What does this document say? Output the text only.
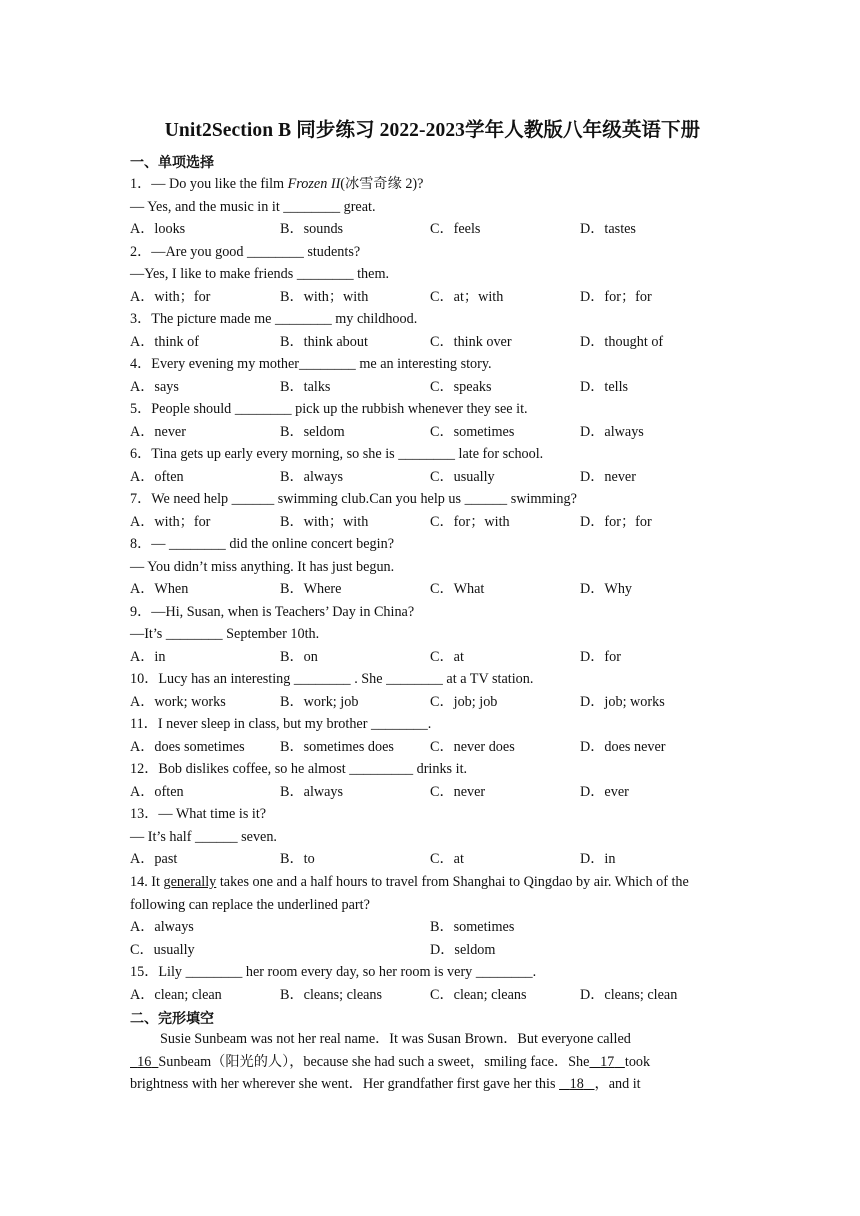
Unit2Section B 同步练习 2022-2023学年人教版八年级英语下册
一、单项选择
1．— Do you like the film Frozen II(冰雪奇缘 2)?
— Yes, and the music in it ________ great.
A．looks	B．sounds	C．feels	D．tastes
2．—Are you good ________ students?
—Yes, I like to make friends ________ them.
A．with；for	B．with；with	C．at；with	D．for；for
3．The picture made me ________ my childhood.
A．think of	B．think about	C．think over	D．thought of
4．Every evening my mother________ me an interesting story.
A．says	B．talks	C．speaks	D．tells
5．People should ________ pick up the rubbish whenever they see it.
A．never	B．seldom	C．sometimes	D．always
6．Tina gets up early every morning, so she is ________ late for school.
A．often	B．always	C．usually	D．never
7．We need help ______ swimming club.Can you help us ______ swimming?
A．with；for	B．with；with	C．for；with	D．for；for
8．— ________ did the online concert begin?
— You didn’t miss anything. It has just begun.
A．When	B．Where	C．What	D．Why
9．—Hi, Susan, when is Teachers’ Day in China?
—It’s ________ September 10th.
A．in	B．on	C．at	D．for
10．Lucy has an interesting ________ . She ________ at a TV station.
A．work; works	B．work; job	C．job; job	D．job; works
11．I never sleep in class, but my brother ________.
A．does sometimes B．sometimes does	C．never does	D．does never
12．Bob dislikes coffee, so he almost _________ drinks it.
A．often	B．always	C．never	D．ever
13．— What time is it?
— It’s half ______ seven.
A．past	B．to	C．at	D．in
14. It generally takes one and a half hours to travel from Shanghai to Qingdao by air. Which of the
following can replace the underlined part?
A．always	B．sometimes
C．usually	D．seldom
15．Lily ________ her room every day, so her room is very ________.
A．clean; clean	B．cleans; cleans	C．clean; cleans	D．cleans; clean
二、完形填空
Susie Sunbeam was not her real name．It was Susan Brown．But everyone called
16 Sunbeam（阳光的人），because she had such a sweet，smiling face．She 17 took
brightness with her wherever she went．Her grandfather first gave her this    18 ，and it
